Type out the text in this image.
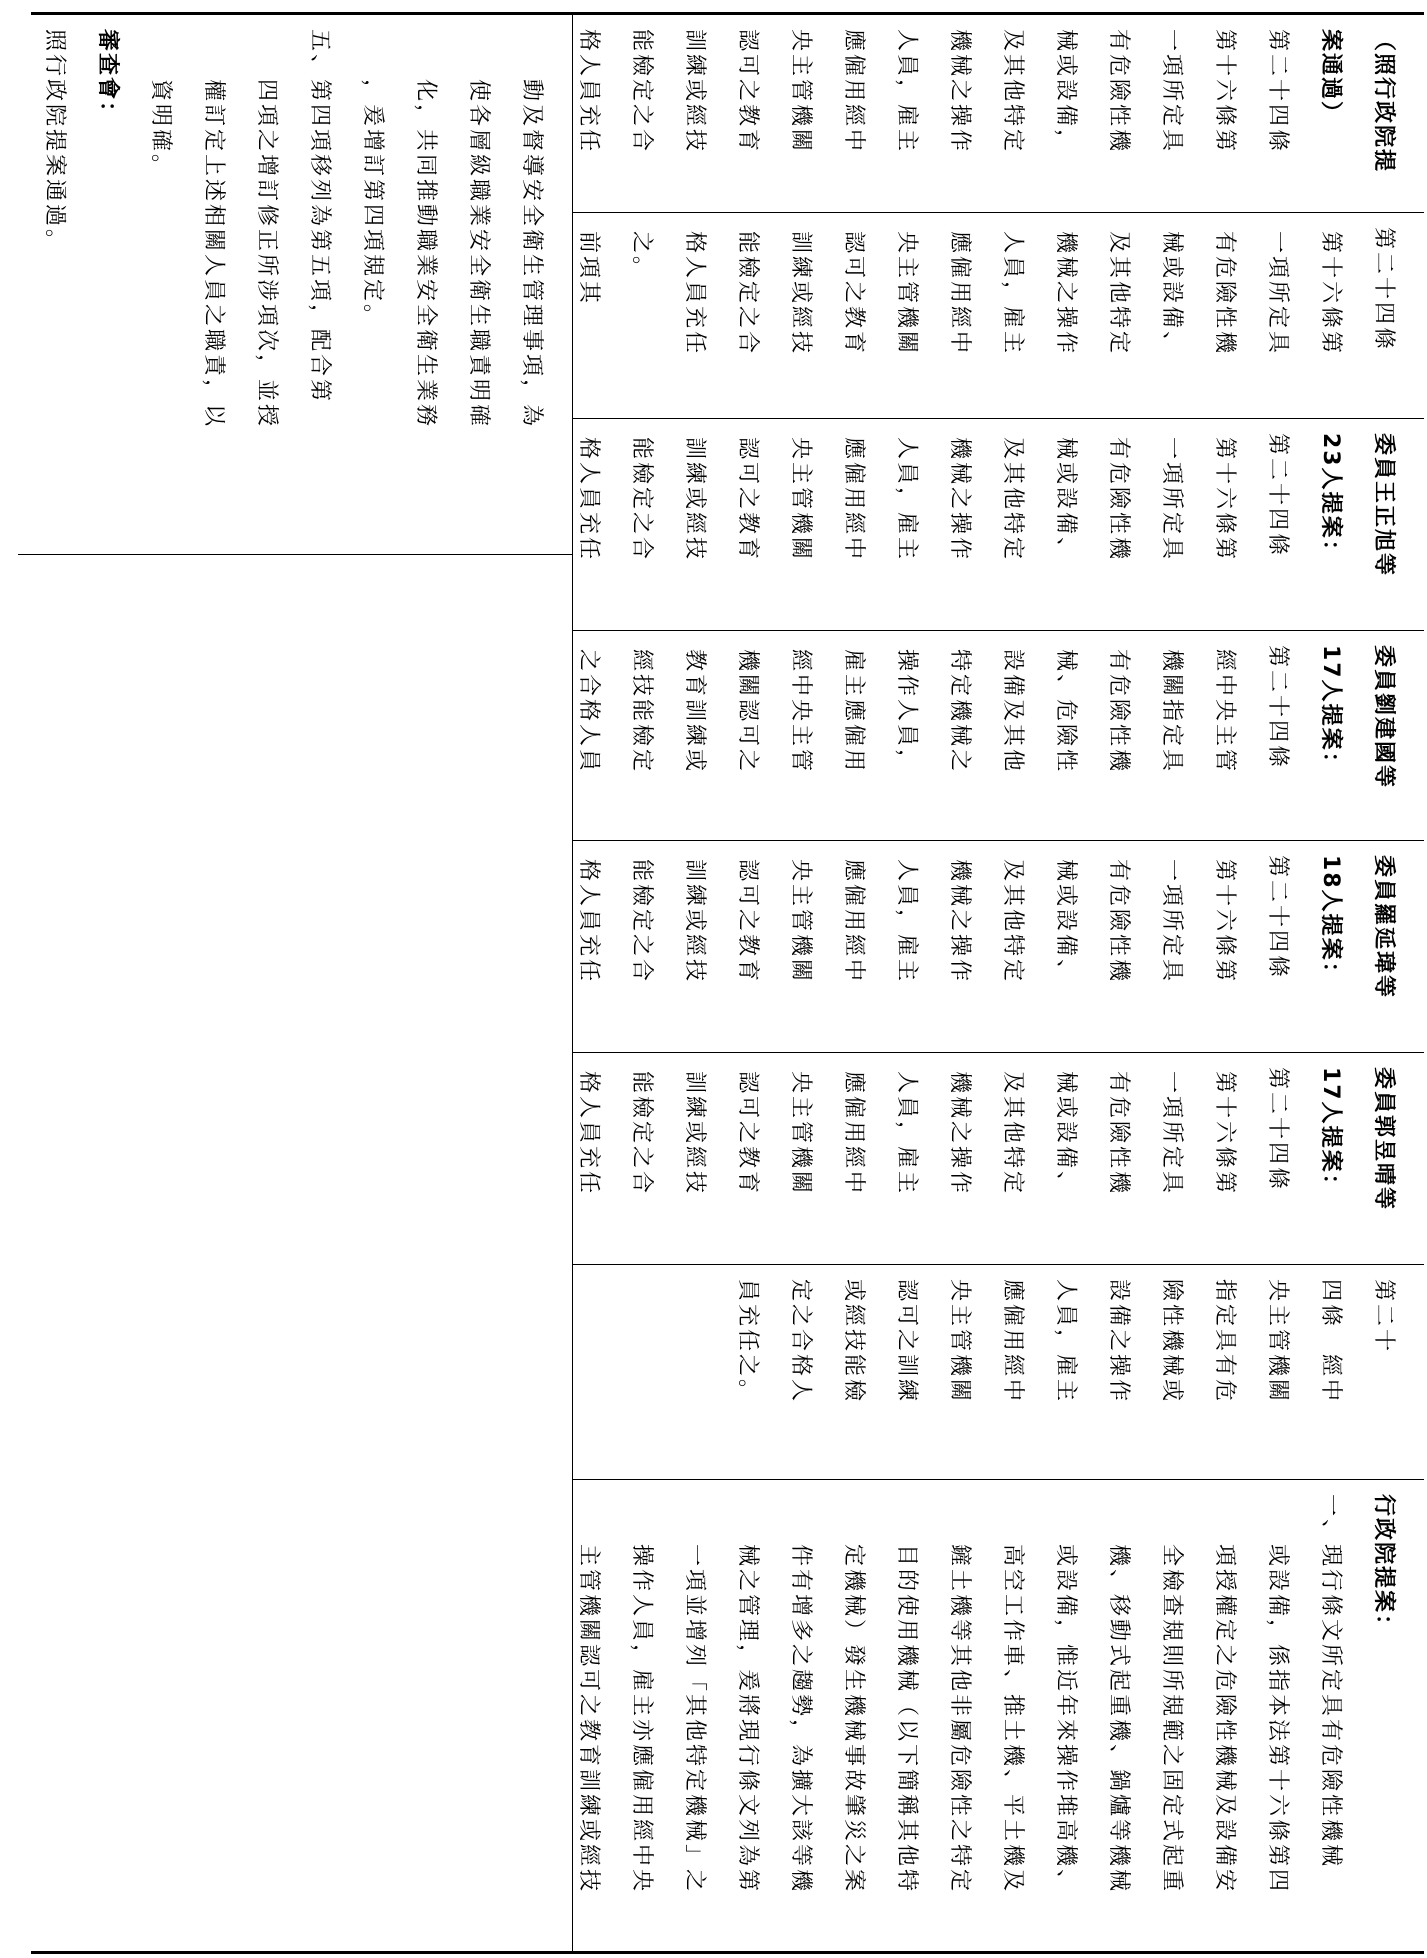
（照行政院提案通過）
第二十四條
第十六條第
一項所定具
有危險性機
械或設備，
及其他特定
機械之操作
人員，雇主
應僱用經中
央主管機關
認可之教育
訓練或經技
能檢定之合
格人員充任
第二十四條
第十六條第
一項所定具
有危險性機
械或設備、
及其他特定
機械之操作
人員，雇主
應僱用經中
央主管機關
認可之教育
訓練或經技
能檢定之合
格人員充任
之。
前項其
委員王正旭等
23人提案：
第二十四條
第十六條第
一項所定具
有危險性機
械或設備、
及其他特定
機械之操作
人員，雇主
應僱用經中
央主管機關
認可之教育
訓練或經技
能檢定之合
格人員充任
委員劉建國等
17人提案：
第二十四條
經中央主管
機關指定具
有危險性機
械、危險性
設備及其他
特定機械之
操作人員，
雇主應僱用
經中央主管
機關認可之
教育訓練或
經技能檢定
之合格人員
委員羅延瑋等
18人提案：
第二十四條
第十六條第
一項所定具
有危險性機
械或設備、
及其他特定
機械之操作
人員，雇主
應僱用經中
央主管機關
認可之教育
訓練或經技
能檢定之合
格人員充任
委員郭昱晴等
17人提案：
第二十四條
第十六條第
一項所定具
有危險性機
械或設備、
及其他特定
機械之操作
人員，雇主
應僱用經中
央主管機關
認可之教育
訓練或經技
能檢定之合
格人員充任
第二十
四條　經中
央主管機關
指定具有危
險性機械或
設備之操作
人員，雇主
應僱用經中
央主管機關
認可之訓練
或經技能檢
定之合格人
員充任之。
行政院提案：
一、現行條文所定具有危險性機械
　　或設備，係指本法第十六條第四
　　項授權定之危險性機械及設備安
　　全檢查規則所規範之固定式起重
　　機、移動式起重機、鍋爐等機械
　　或設備，惟近年來操作堆高機、
　　高空工作車、推土機、平土機及
　　鏟土機等其他非屬危險性之特定
　　目的使用機械（以下簡稱其他特
　　定機械）發生機械事故肇災之案
　　件有增多之趨勢，為擴大該等機
　　械之管理，爰將現行條文列為第
　　一項並增列「其他特定機械」之
　　操作人員，雇主亦應僱用經中央
　　主管機關認可之教育訓練或經技
　　動及督導安全衛生管理事項，為
　　使各層級職業安全衛生職責明確
　　化，共同推動職業安全衛生業務
　　，爰增訂第四項規定。
五、第四項移列為第五項，配合第
　　四項之增訂修正所涉項次，並授
　　權訂定上述相關人員之職責，以
　　資明確。
審查會：
照行政院提案通過。
